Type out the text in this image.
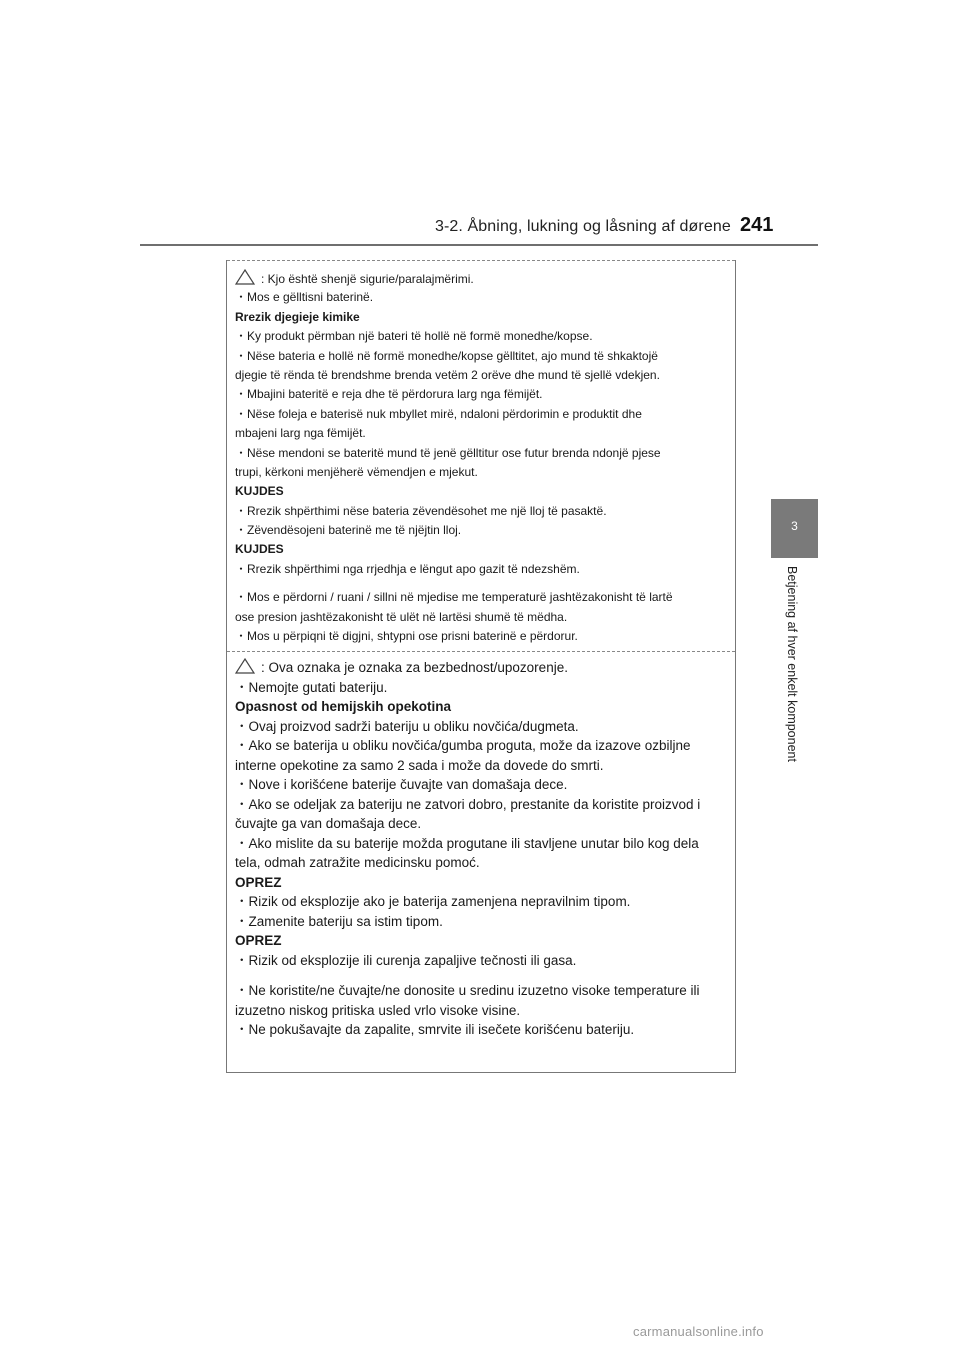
3-2. Åbning, lukning og låsning af dørene 241
3
Betjening af hver enkelt komponent
: Kjo është shenjë sigurie/paralajmërimi.
・Mos e gëlltisni baterinë.
Rrezik djegieje kimike
・Ky produkt përmban një bateri të hollë në formë monedhe/kopse.
・Nëse bateria e hollë në formë monedhe/kopse gëlltitet, ajo mund të shkaktojë
djegie të rënda të brendshme brenda vetëm 2 orëve dhe mund të sjellë vdekjen.
・Mbajini bateritë e reja dhe të përdorura larg nga fëmijët.
・Nëse foleja e baterisë nuk mbyllet mirë, ndaloni përdorimin e produktit dhe
mbajeni larg nga fëmijët.
・Nëse mendoni se bateritë mund të jenë gëlltitur ose futur brenda ndonjë pjese
trupi, kërkoni menjëherë vëmendjen e mjekut.
KUJDES
・Rrezik shpërthimi nëse bateria zëvendësohet me një lloj të pasaktë.
・Zëvendësojeni baterinë me të njëjtin lloj.
KUJDES
・Rrezik shpërthimi nga rrjedhja e lëngut apo gazit të ndezshëm.
・Mos e përdorni / ruani / sillni në mjedise me temperaturë jashtëzakonisht të lartë
ose presion jashtëzakonisht të ulët në lartësi shumë të mëdha.
・Mos u përpiqni të digjni, shtypni ose prisni baterinë e përdorur.
: Ova oznaka je oznaka za bezbednost/upozorenje.
・Nemojte gutati bateriju.
Opasnost od hemijskih opekotina
・Ovaj proizvod sadrži bateriju u obliku novčića/dugmeta.
・Ako se baterija u obliku novčića/gumba proguta, može da izazove ozbiljne
interne opekotine za samo 2 sada i može da dovede do smrti.
・Nove i korišćene baterije čuvajte van domašaja dece.
・Ako se odeljak za bateriju ne zatvori dobro, prestanite da koristite proizvod i
čuvajte ga van domašaja dece.
・Ako mislite da su baterije možda progutane ili stavljene unutar bilo kog dela
tela, odmah zatražite medicinsku pomoć.
OPREZ
・Rizik od eksplozije ako je baterija zamenjena nepravilnim tipom.
・Zamenite bateriju sa istim tipom.
OPREZ
・Rizik od eksplozije ili curenja zapaljive tečnosti ili gasa.
・Ne koristite/ne čuvajte/ne donosite u sredinu izuzetno visoke temperature ili
izuzetno niskog pritiska usled vrlo visoke visine.
・Ne pokušavajte da zapalite, smrvite ili isečete korišćenu bateriju.
carmanualsonline.info
